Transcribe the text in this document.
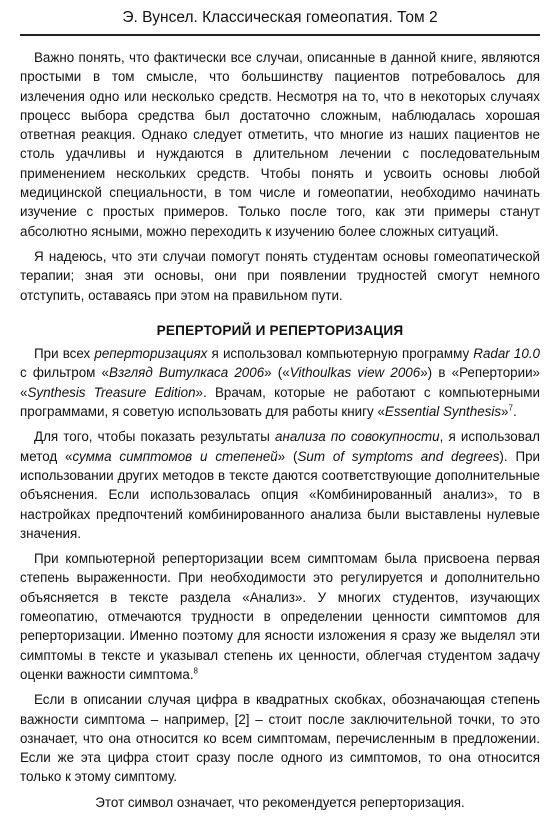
Э. Вунсел. Классическая гомеопатия. Том 2

Важно понять, что фактически все случаи, описанные в данной книге, являются простыми в том смысле, что большинству пациентов потребовалось для излечения одно или несколько средств. Несмотря на то, что в некоторых случаях процесс выбора средства был достаточно сложным, наблюдалась хорошая ответная реакция. Однако следует отметить, что многие из наших пациентов не столь удачливы и нуждаются в длительном лечении с последовательным применением нескольких средств. Чтобы понять и усвоить основы любой медицинской специальности, в том числе и гомеопатии, необходимо начинать изучение с простых примеров. Только после того, как эти примеры станут абсолютно ясными, можно переходить к изучению более сложных ситуаций.

Я надеюсь, что эти случаи помогут понять студентам основы гомеопатической терапии; зная эти основы, они при появлении трудностей смогут немного отступить, оставаясь при этом на правильном пути.

РЕПЕРТОРИЙ И РЕПЕРТОРИЗАЦИЯ

При всех реперторизациях я использовал компьютерную программу Radar 10.0 с фильтром «Взгляд Витулкаса 2006» («Vithoulkas view 2006») в «Репертории» «Synthesis Treasure Edition». Врачам, которые не работают с компьютерными программами, я советую использовать для работы книгу «Essential Synthesis»$^7$.

Для того, чтобы показать результаты анализа по совокупности, я использовал метод «сумма симптомов и степеней» (Sum of symptoms and degrees). При использовании других методов в тексте даются соответствующие дополнительные объяснения. Если использовалась опция «Комбинированный анализ», то в настройках предпочтений комбинированного анализа были выставлены нулевые значения.

При компьютерной реперторизации всем симптомам была присвоена первая степень выраженности. При необходимости это регулируется и дополнительно объясняется в тексте раздела «Анализ». У многих студентов, изучающих гомеопатию, отмечаются трудности в определении ценности симптомов для реперторизации. Именно поэтому для ясности изложения я сразу же выделял эти симптомы в тексте и указывал степень их ценности, облегчая студентом задачу оценки важности симптома.$^8$

Если в описании случая цифра в квадратных скобках, обозначающая степень важности симптома – например, [2] – стоит после заключительной точки, то это означает, что она относится ко всем симптомам, перечисленным в предложении. Если же эта цифра стоит сразу после одного из симптомов, то она относится только к этому симптому.

Этот символ означает, что рекомендуется реперторизация.
